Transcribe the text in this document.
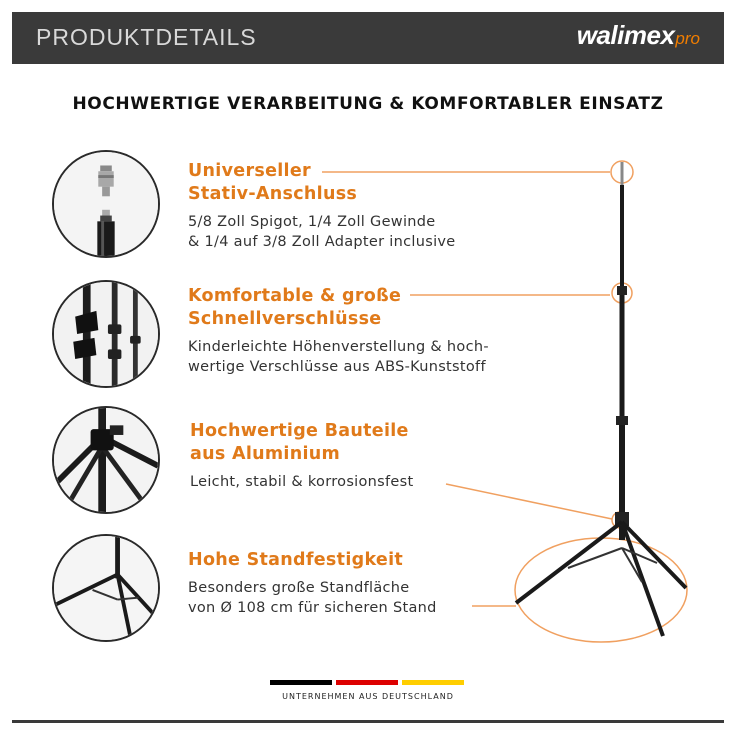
PRODUKTDETAILS	walimexpro
HOCHWERTIGE VERARBEITUNG & KOMFORTABLER EINSATZ
Universeller
Stativ-Anschluss
5/8 Zoll Spigot, 1/4 Zoll Gewinde
& 1/4 auf 3/8 Zoll Adapter inclusive
Komfortable & große
Schnellverschlüsse
Kinderleichte Höhenverstellung & hoch-
wertige Verschlüsse aus ABS-Kunststoff
Hochwertige Bauteile
aus Aluminium
Leicht, stabil & korrosionsfest
Hohe Standfestigkeit
Besonders große Standfläche
von Ø 108 cm für sicheren Stand
UNTERNEHMEN AUS DEUTSCHLAND
